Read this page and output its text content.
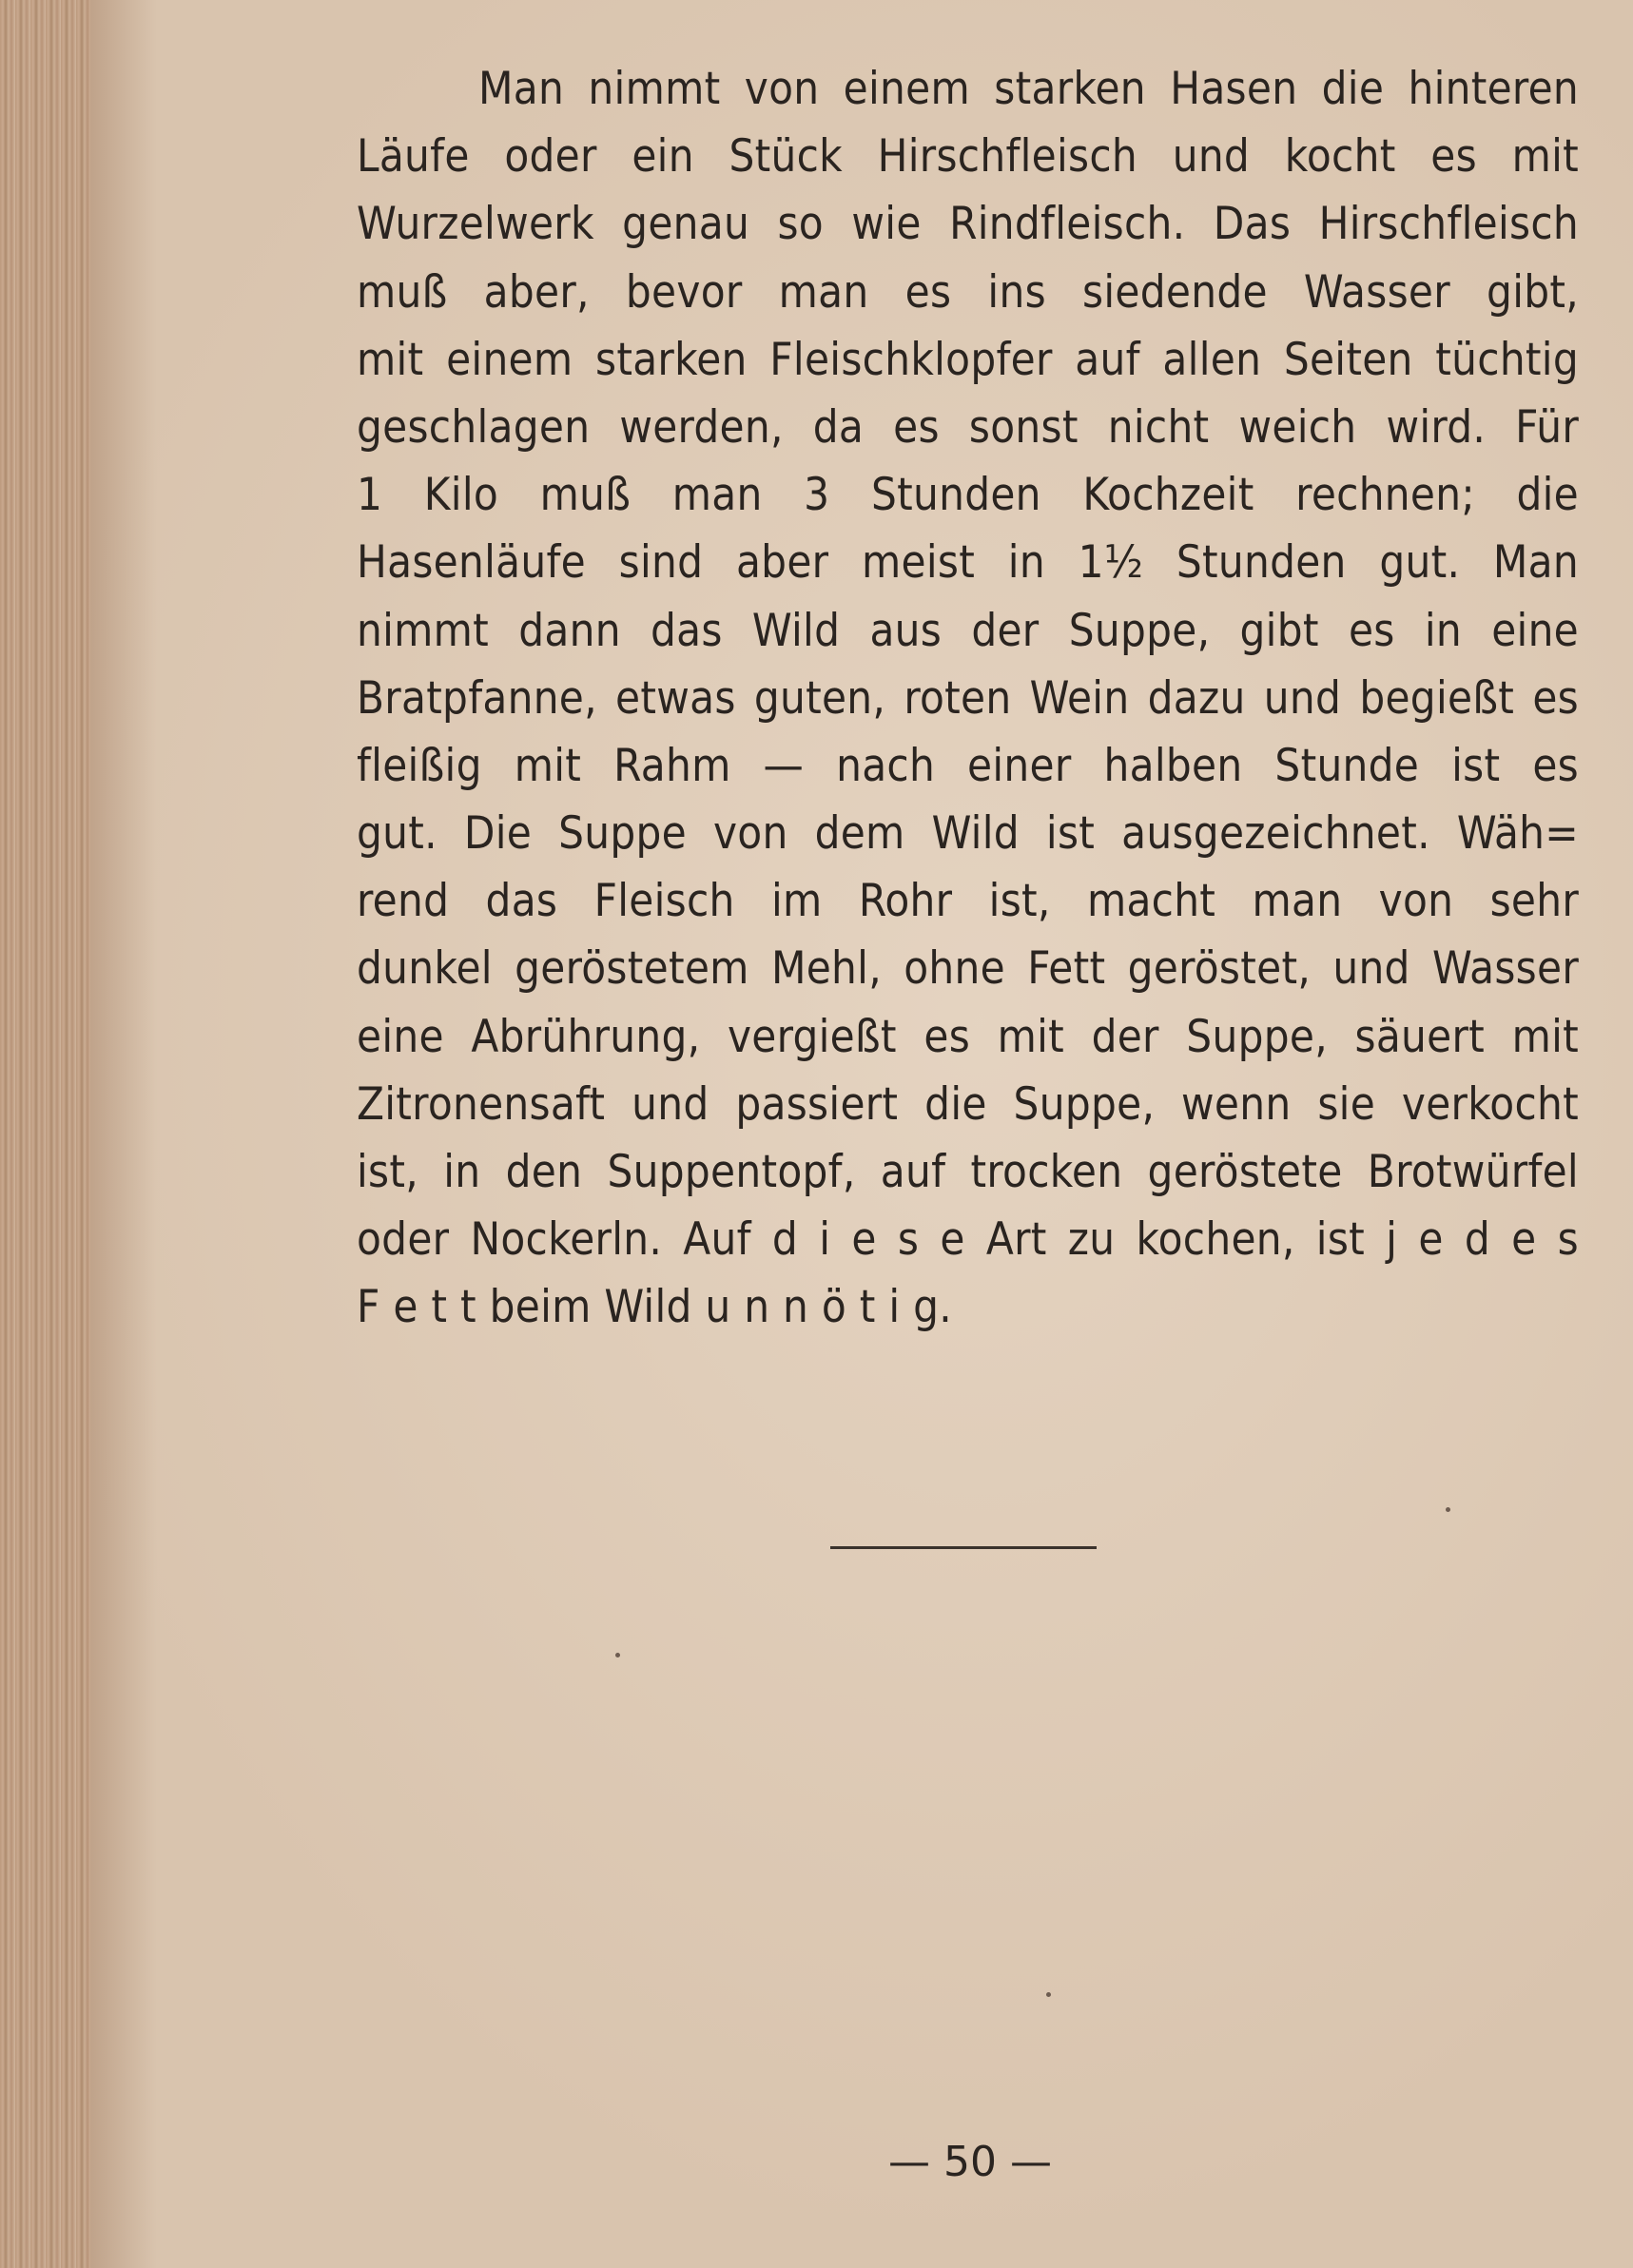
Man nimmt von einem starken Hasen die hinteren
Läufe oder ein Stück Hirschfleisch und kocht es mit
Wurzelwerk genau so wie Rindfleisch. Das Hirschfleisch
muß aber, bevor man es ins siedende Wasser gibt,
mit einem starken Fleischklopfer auf allen Seiten tüchtig
geschlagen werden, da es sonst nicht weich wird. Für
1 Kilo muß man 3 Stunden Kochzeit rechnen; die
Hasenläufe sind aber meist in 1½ Stunden gut. Man
nimmt dann das Wild aus der Suppe, gibt es in eine
Bratpfanne, etwas guten, roten Wein dazu und begießt es
fleißig mit Rahm — nach einer halben Stunde ist es
gut. Die Suppe von dem Wild ist ausgezeichnet. Wäh=
rend das Fleisch im Rohr ist, macht man von sehr
dunkel geröstetem Mehl, ohne Fett geröstet, und Wasser
eine Abrührung, vergießt es mit der Suppe, säuert mit
Zitronensaft und passiert die Suppe, wenn sie verkocht
ist, in den Suppentopf, auf trocken geröstete Brotwürfel
oder Nockerln. Auf d i e s e Art zu kochen, ist j e d e s
F e t t beim Wild u n n ö t i g.
— 50 —
